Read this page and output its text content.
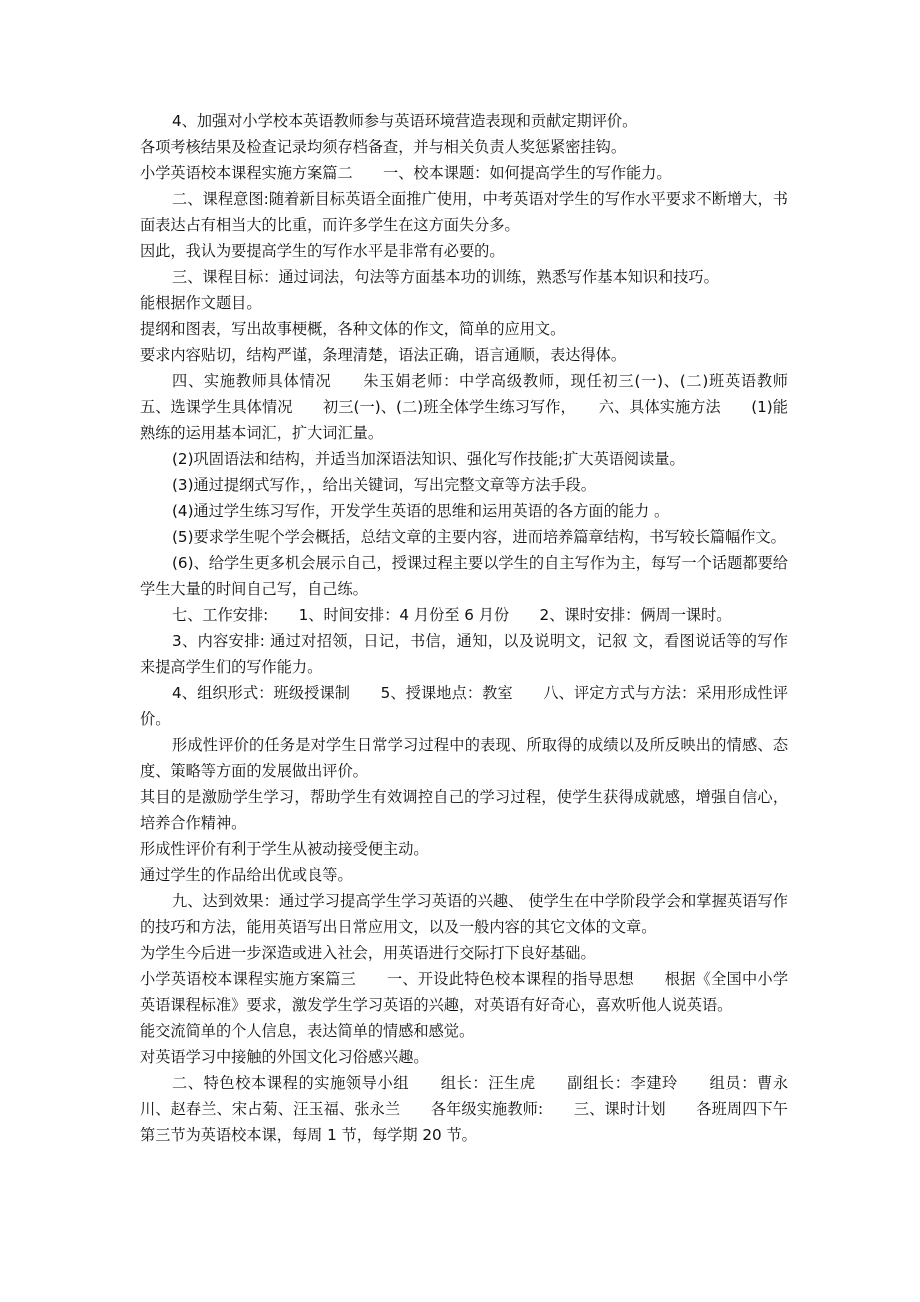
4、加强对小学校本英语教师参与英语环境营造表现和贡献定期评价。

各项考核结果及检查记录均须存档备查，并与相关负责人奖惩紧密挂钩。

小学英语校本课程实施方案篇二　　一、校本课题：如何提高学生的写作能力。

二、课程意图:随着新目标英语全面推广使用，中考英语对学生的写作水平要求不断增大，书面表达占有相当大的比重，而许多学生在这方面失分多。

因此，我认为要提高学生的写作水平是非常有必要的。

三、课程目标：通过词法，句法等方面基本功的训练，熟悉写作基本知识和技巧。

能根据作文题目。

提纲和图表，写出故事梗概，各种文体的作文，简单的应用文。

要求内容贴切，结构严谨，条理清楚，语法正确，语言通顺，表达得体。

四、实施教师具体情况　　朱玉娟老师：中学高级教师，现任初三(一)、(二)班英语教师　　五、选课学生具体情况　　初三(一)、(二)班全体学生练习写作，　　六、具体实施方法　　(1)能熟练的运用基本词汇，扩大词汇量。

(2)巩固语法和结构，并适当加深语法知识、强化写作技能;扩大英语阅读量。

(3)通过提纲式写作，，给出关键词，写出完整文章等方法手段。

(4)通过学生练习写作，开发学生英语的思维和运用英语的各方面的能力 。

(5)要求学生呢个学会概括，总结文章的主要内容，进而培养篇章结构，书写较长篇幅作文。

(6)、给学生更多机会展示自己，授课过程主要以学生的自主写作为主，每写一个话题都要给学生大量的时间自己写，自己练。

七、工作安排:　　1、时间安排：4 月份至 6 月份　　2、课时安排：俩周一课时。

3、内容安排: 通过对招领，日记，书信，通知，以及说明文，记叙 文，看图说话等的写作来提高学生们的写作能力。

4、组织形式：班级授课制　　5、授课地点：教室　　八、评定方式与方法：采用形成性评价。

形成性评价的任务是对学生日常学习过程中的表现、所取得的成绩以及所反映出的情感、态度、策略等方面的发展做出评价。

其目的是激励学生学习，帮助学生有效调控自己的学习过程，使学生获得成就感，增强自信心，培养合作精神。

形成性评价有利于学生从被动接受便主动。

通过学生的作品给出优或良等。

九、达到效果：通过学习提高学生学习英语的兴趣、 使学生在中学阶段学会和掌握英语写作的技巧和方法，能用英语写出日常应用文，以及一般内容的其它文体的文章。

为学生今后进一步深造或进入社会，用英语进行交际打下良好基础。

小学英语校本课程实施方案篇三　　一、开设此特色校本课程的指导思想　　根据《全国中小学英语课程标准》要求，激发学生学习英语的兴趣，对英语有好奇心，喜欢听他人说英语。

能交流简单的个人信息，表达简单的情感和感觉。

对英语学习中接触的外国文化习俗感兴趣。

二、特色校本课程的实施领导小组　　组长：汪生虎　　副组长：李建玲　　组员：曹永川、赵春兰、宋占菊、汪玉福、张永兰　　各年级实施教师:　　三、课时计划　　各班周四下午第三节为英语校本课，每周 1 节，每学期 20 节。
